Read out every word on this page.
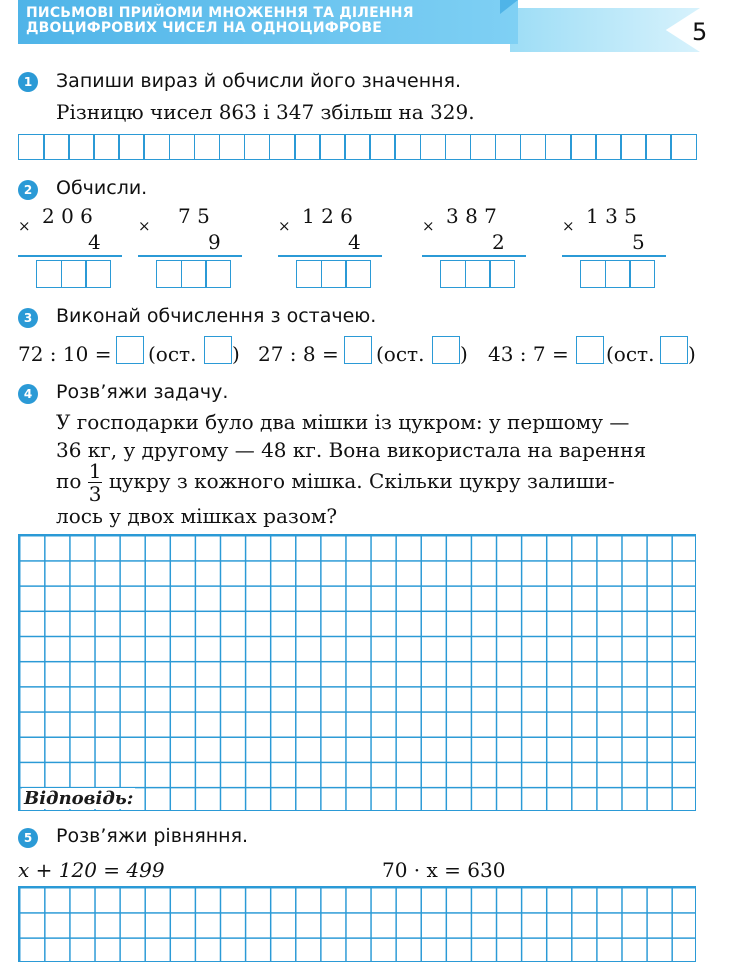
ПИСЬМОВІ ПРИЙОМИ МНОЖЕННЯ ТА ДІЛЕННЯ
ДВОЦИФРОВИХ ЧИСЕЛ НА ОДНОЦИФРОВЕ	5
1	Запиши вираз й обчисли його значення.
Різницю чисел 863 і 347 збільш на 329.
2	Обчисли.
× 2 0 6
4
× 7 5
9
× 1 2 6
4
× 3 8 7
2
× 1 3 5
5
3	Виконай обчислення з остачею.
72 : 10 = (ост. ) 27 : 8 = (ост. ) 43 : 7 = (ост. )
4	Розв’яжи задачу.
У господарки було два мішки із цукром: у першому —
36 кг, у другому — 48 кг. Вона використала на варення
по $\frac{1}{3}$ цукру з кожного мішка. Скільки цукру залиши-
лось у двох мішках разом?
Відповідь:
5	Розв’яжи рівняння.
x + 120 = 499	70 · x = 630
